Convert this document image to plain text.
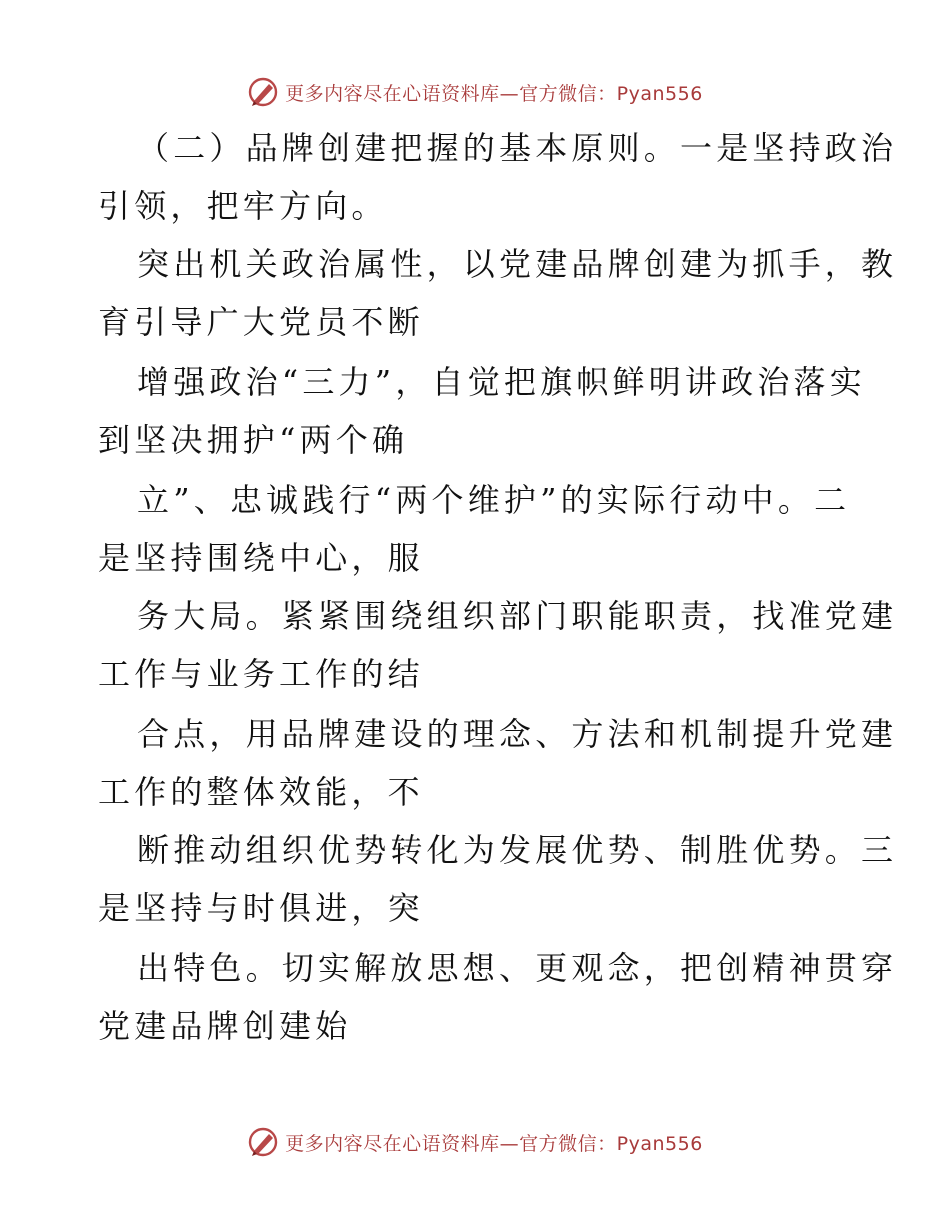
更多内容尽在心语资料库—官方微信：Pyan556
（二）品牌创建把握的基本原则。一是坚持政治
引领，把牢方向。
突出机关政治属性，以党建品牌创建为抓手，教
育引导广大党员不断
增强政治“三力”，自觉把旗帜鲜明讲政治落实
到坚决拥护“两个确
立”、忠诚践行“两个维护”的实际行动中。二
是坚持围绕中心，服
务大局。紧紧围绕组织部门职能职责，找准党建
工作与业务工作的结
合点，用品牌建设的理念、方法和机制提升党建
工作的整体效能，不
断推动组织优势转化为发展优势、制胜优势。三
是坚持与时俱进，突
出特色。切实解放思想、更观念，把创精神贯穿
党建品牌创建始
更多内容尽在心语资料库—官方微信：Pyan556
